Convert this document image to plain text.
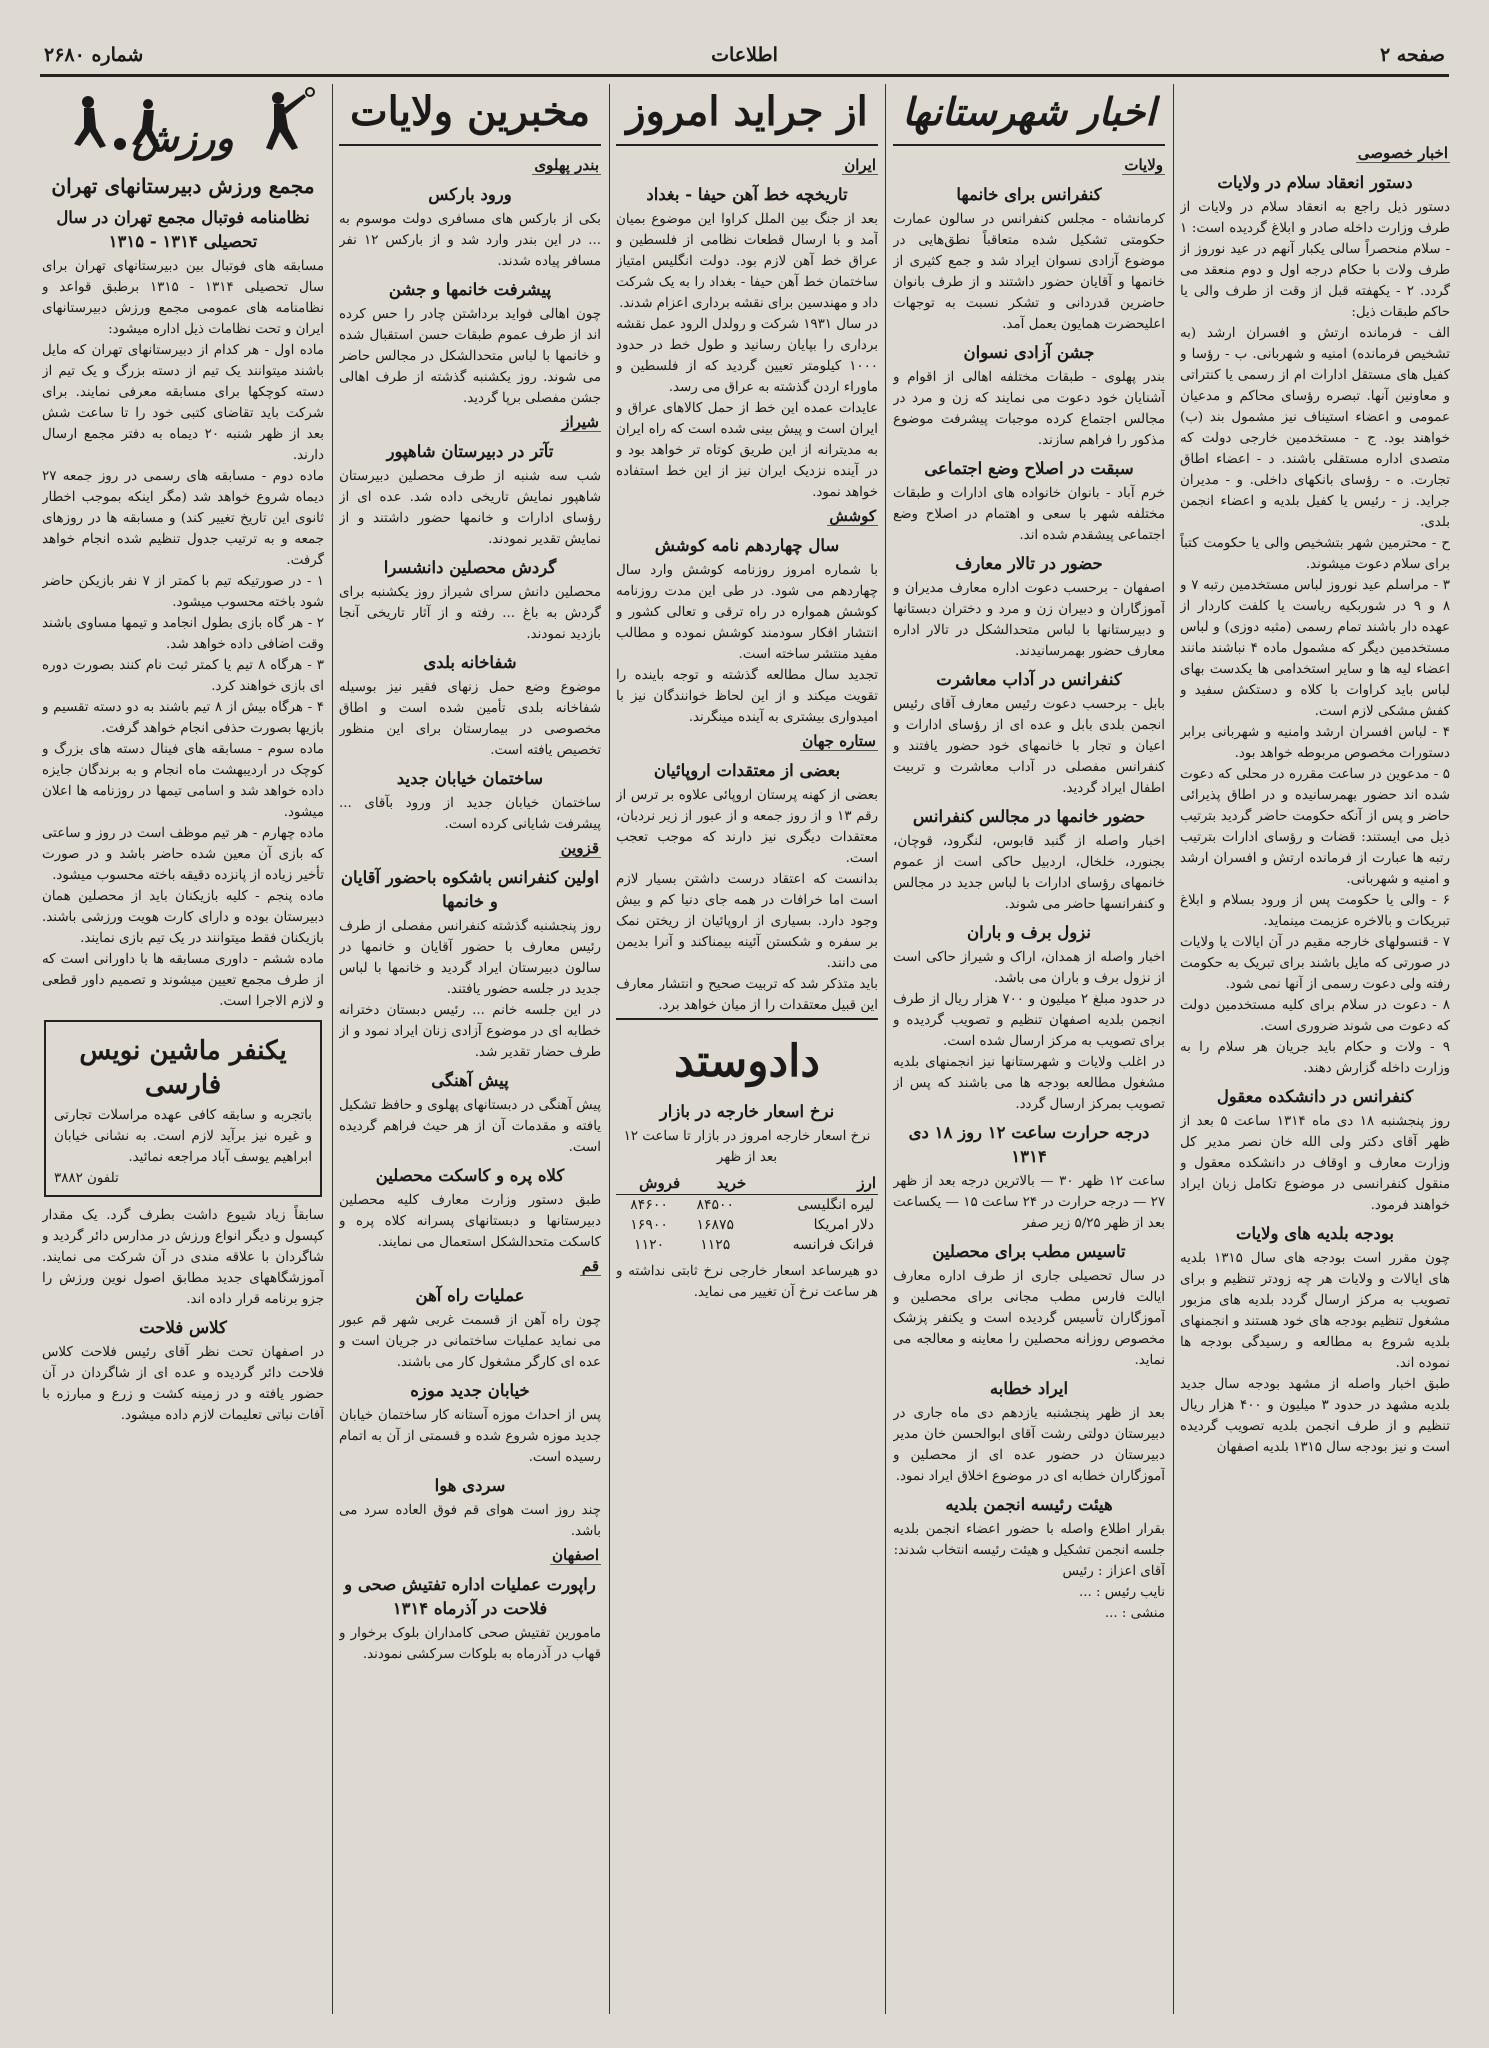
شماره ۲۶۸۰	اطلاعات	صفحه ۲
اخبار خصوصی
دستور انعقاد سلام در ولایات

دستور ذیل راجع به انعقاد سلام در ولایات از طرف وزارت داخله صادر و ابلاغ گردیده است: ۱ - سلام منحصراً سالی یکبار آنهم در عید نوروز از طرف ولات با حکام درجه اول و دوم منعقد می گردد. ۲ - یکهفته قبل از وقت از طرف والی یا حاکم طبقات ذیل:

الف - فرمانده ارتش و افسران ارشد (به تشخیص فرمانده) امنیه و شهربانی. ب - رؤسا و کفیل های مستقل ادارات ام از رسمی یا کنتراتی و معاونین آنها. تبصره رؤسای محاکم و مدعیان عمومی و اعضاء استیناف نیز مشمول بند (ب) خواهند بود. ج - مستخدمین خارجی دولت که متصدی اداره مستقلی باشند. د - اعضاء اطاق تجارت. ه - رؤسای بانکهای داخلی. و - مدیران جراید. ز - رئیس یا کفیل بلدیه و اعضاء انجمن بلدی.

ح - محترمین شهر بتشخیص والی یا حکومت کتباً برای سلام دعوت میشوند.

۳ - مراسلم عید نوروز لباس مستخدمین رتبه ۷ و ۸ و ۹ در شوربکیه ریاست یا کلفت کاردار از عهده دار باشند تمام رسمی (مثبه دوزی) و لباس مستخدمین دیگر که مشمول ماده ۴ نباشند مانند اعضاء لیه ها و سایر استخدامی ها یکدست بهای لباس باید کراوات با کلاه و دستکش سفید و کفش مشکی لازم است.

۴ - لباس افسران ارشد وامنیه و شهربانی برابر دستورات مخصوص مربوطه خواهد بود.

۵ - مدعوین در ساعت مقرره در محلی که دعوت شده اند حضور بهمرسانیده و در اطاق پذیرائی حاضر و پس از آنکه حکومت حاضر گردید بترتیب ذیل می ایستند: قضات و رؤسای ادارات بترتیب رتبه ها عبارت از فرمانده ارتش و افسران ارشد و امنیه و شهربانی.

۶ - والی یا حکومت پس از ورود بسلام و ابلاغ تبریکات و بالاخره عزیمت مینماید.

۷ - قنسولهای خارجه مقیم در آن ایالات یا ولایات در صورتی که مایل باشند برای تبریک به حکومت رفته ولی دعوت رسمی از آنها نمی شود.

۸ - دعوت در سلام برای کلیه مستخدمین دولت که دعوت می شوند ضروری است.

۹ - ولات و حکام باید جریان هر سلام را به وزارت داخله گزارش دهند.

کنفرانس در دانشکده معقول

روز پنجشنبه ۱۸ دی ماه ۱۳۱۴ ساعت ۵ بعد از ظهر آقای دکتر ولی الله خان نصر مدیر کل وزارت معارف و اوقاف در دانشکده معقول و منقول کنفرانسی در موضوع تکامل زبان ایراد خواهند فرمود.

بودجه بلدیه های ولایات

چون مقرر است بودجه های سال ۱۳۱۵ بلدیه های ایالات و ولایات هر چه زودتر تنظیم و برای تصویب به مرکز ارسال گردد بلدیه های مزبور مشغول تنظیم بودجه های خود هستند و انجمنهای بلدیه شروع به مطالعه و رسیدگی بودجه ها نموده اند.

طبق اخبار واصله از مشهد بودجه سال جدید بلدیه مشهد در حدود ۳ میلیون و ۴۰۰ هزار ریال تنظیم و از طرف انجمن بلدیه تصویب گردیده است و نیز بودجه سال ۱۳۱۵ بلدیه اصفهان

اخبار شهرستانها
ولایات
کنفرانس برای خانمها

کرمانشاه - مجلس کنفرانس در سالون عمارت حکومتی تشکیل شده متعاقباً نطق‌هایی در موضوع آزادی نسوان ایراد شد و جمع کثیری از خانمها و آقایان حضور داشتند و از طرف بانوان حاضرین قدردانی و تشکر نسبت به توجهات اعلیحضرت همایون بعمل آمد.

جشن آزادی نسوان

بندر پهلوی - طبقات مختلفه اهالی از اقوام و آشنایان خود دعوت می نمایند که زن و مرد در مجالس اجتماع کرده موجبات پیشرفت موضوع مذکور را فراهم سازند.

سبقت در اصلاح وضع اجتماعی

خرم آباد - بانوان خانواده های ادارات و طبقات مختلفه شهر با سعی و اهتمام در اصلاح وضع اجتماعی پیشقدم شده اند.

حضور در تالار معارف

اصفهان - برحسب دعوت اداره معارف مدیران و آموزگاران و دبیران زن و مرد و دختران دبستانها و دبیرستانها با لباس متحدالشکل در تالار اداره معارف حضور بهمرسانیدند.

کنفرانس در آداب معاشرت

بابل - برحسب دعوت رئیس معارف آقای رئیس انجمن بلدی بابل و عده ای از رؤسای ادارات و اعیان و تجار با خانمهای خود حضور یافتند و کنفرانس مفصلی در آداب معاشرت و تربیت اطفال ایراد گردید.

حضور خانمها در مجالس کنفرانس

اخبار واصله از گنبد قابوس، لنگرود، قوچان، بجنورد، خلخال، اردبیل حاکی است از عموم خانمهای رؤسای ادارات با لباس جدید در مجالس و کنفرانسها حاضر می شوند.

نزول برف و باران

اخبار واصله از همدان، اراک و شیراز حاکی است از نزول برف و باران می باشد.

در حدود مبلغ ۲ میلیون و ۷۰۰ هزار ریال از طرف انجمن بلدیه اصفهان تنظیم و تصویب گردیده و برای تصویب به مرکز ارسال شده است.

در اغلب ولایات و شهرستانها نیز انجمنهای بلدیه مشغول مطالعه بودجه ها می باشند که پس از تصویب بمرکز ارسال گردد.

درجه حرارت ساعت ۱۲ روز ۱۸ دی ۱۳۱۴

ساعت ۱۲ ظهر ۳۰ — بالاترین درجه بعد از ظهر ۲۷ — درجه حرارت در ۲۴ ساعت ۱۵ — یکساعت بعد از ظهر ۵/۲۵ زیر صفر

تاسیس مطب برای محصلین

در سال تحصیلی جاری از طرف اداره معارف ایالت فارس مطب مجانی برای محصلین و آموزگاران تأسیس گردیده است و یکنفر پزشک مخصوص روزانه محصلین را معاینه و معالجه می نماید.

ایراد خطابه

بعد از ظهر پنجشنبه یازدهم دی ماه جاری در دبیرستان دولتی رشت آقای ابوالحسن خان مدیر دبیرستان در حضور عده ای از محصلین و آموزگاران خطابه ای در موضوع اخلاق ایراد نمود.

هیئت رئیسه انجمن بلدیه

بقرار اطلاع واصله با حضور اعضاء انجمن بلدیه جلسه انجمن تشکیل و هیئت رئیسه انتخاب شدند:

آقای اعزاز : رئیس
نایب رئیس : ...
منشی : ...
از جراید امروز
ایران
تاریخچه خط آهن حیفا - بغداد

بعد از جنگ بین الملل کراوا این موضوع بمیان آمد و با ارسال قطعات نظامی از فلسطین و عراق خط آهن لازم بود. دولت انگلیس امتیاز ساختمان خط آهن حیفا - بغداد را به یک شرکت داد و مهندسین برای نقشه برداری اعزام شدند.

در سال ۱۹۳۱ شرکت و رولدل الرود عمل نقشه برداری را بپایان رسانید و طول خط در حدود ۱۰۰۰ کیلومتر تعیین گردید که از فلسطین و ماوراء اردن گذشته به عراق می رسد.

عایدات عمده این خط از حمل کالاهای عراق و ایران است و پیش بینی شده است که راه ایران به مدیترانه از این طریق کوتاه تر خواهد بود و در آینده نزدیک ایران نیز از این خط استفاده خواهد نمود.

کوشش
سال چهاردهم نامه کوشش

با شماره امروز روزنامه کوشش وارد سال چهاردهم می شود. در طی این مدت روزنامه کوشش همواره در راه ترقی و تعالی کشور و انتشار افکار سودمند کوشش نموده و مطالب مفید منتشر ساخته است.

تجدید سال مطالعه گذشته و توجه باینده را تقویت میکند و از این لحاظ خوانندگان نیز با امیدواری بیشتری به آینده مینگرند.

ستاره جهان
بعضی از معتقدات اروپائیان

بعضی از کهنه پرستان اروپائی علاوه بر ترس از رقم ۱۳ و از روز جمعه و از عبور از زیر نردبان، معتقدات دیگری نیز دارند که موجب تعجب است.

بدانست که اعتقاد درست داشتن بسیار لازم است اما خرافات در همه جای دنیا کم و بیش وجود دارد. بسیاری از اروپائیان از ریختن نمک بر سفره و شکستن آئینه بیمناکند و آنرا بدیمن می دانند.

باید متذکر شد که تربیت صحیح و انتشار معارف این قبیل معتقدات را از میان خواهد برد.

دادوستد
نرخ اسعار خارجه در بازار

نرخ اسعار خارجه امروز در بازار تا ساعت ۱۲ بعد از ظهر

ارز	خرید	فروش
لیره انگلیسی	۸۴۵۰۰	۸۴۶۰۰
دلار امریکا	۱۶۸۷۵	۱۶۹۰۰
فرانک فرانسه	۱۱۲۵	۱۱۲۰

دو هیرساعد اسعار خارجی نرخ ثابتی نداشته و هر ساعت نرخ آن تغییر می نماید.

مخبرین ولایات
بندر پهلوی
ورود بارکس

بکی از بارکس های مسافری دولت موسوم به ... در این بندر وارد شد و از بارکس ۱۲ نفر مسافر پیاده شدند.

پیشرفت خانمها و جشن

چون اهالی فواید برداشتن چادر را حس کرده اند از طرف عموم طبقات حسن استقبال شده و خانمها با لباس متحدالشکل در مجالس حاضر می شوند. روز یکشنبه گذشته از طرف اهالی جشن مفصلی برپا گردید.

شیراز
تآتر در دبیرستان شاهپور

شب سه شنبه از طرف محصلین دبیرستان شاهپور نمایش تاریخی داده شد. عده ای از رؤسای ادارات و خانمها حضور داشتند و از نمایش تقدیر نمودند.

گردش محصلین دانشسرا

محصلین دانش سرای شیراز روز یکشنبه برای گردش به باغ ... رفته و از آثار تاریخی آنجا بازدید نمودند.

شفاخانه بلدی

موضوع وضع حمل زنهای فقیر نیز بوسیله شفاخانه بلدی تأمین شده است و اطاق مخصوصی در بیمارستان برای این منظور تخصیص یافته است.

ساختمان خیابان جدید

ساختمان خیابان جدید از ورود بآقای ... پیشرفت شایانی کرده است.

قزوین
اولین کنفرانس باشکوه باحضور آقایان و خانمها

روز پنجشنبه گذشته کنفرانس مفصلی از طرف رئیس معارف با حضور آقایان و خانمها در سالون دبیرستان ایراد گردید و خانمها با لباس جدید در جلسه حضور یافتند.

در این جلسه خانم ... رئیس دبستان دخترانه خطابه ای در موضوع آزادی زنان ایراد نمود و از طرف حضار تقدیر شد.

پیش آهنگی

پیش آهنگی در دبستانهای پهلوی و حافظ تشکیل یافته و مقدمات آن از هر حیث فراهم گردیده است.

کلاه پره و کاسکت محصلین

طبق دستور وزارت معارف کلیه محصلین دبیرستانها و دبستانهای پسرانه کلاه پره و کاسکت متحدالشکل استعمال می نمایند.

قم
عملیات راه آهن

چون راه آهن از قسمت غربی شهر قم عبور می نماید عملیات ساختمانی در جریان است و عده ای کارگر مشغول کار می باشند.

خیابان جدید موزه

پس از احداث موزه آستانه کار ساختمان خیابان جدید موزه شروع شده و قسمتی از آن به اتمام رسیده است.

سردی هوا

چند روز است هوای قم فوق العاده سرد می باشد.

اصفهان
راپورت عملیات اداره تفتیش صحی و فلاحت در آذرماه ۱۳۱۴

مامورین تفتیش صحی کامداران بلوک برخوار و قهاب در آذرماه به بلوکات سرکشی نمودند.

ورزش
مجمع ورزش دبیرستانهای تهران
نظامنامه فوتبال مجمع تهران در سال تحصیلی ۱۳۱۴ - ۱۳۱۵

مسابقه های فوتبال بین دبیرستانهای تهران برای سال تحصیلی ۱۳۱۴ - ۱۳۱۵ برطبق قواعد و نظامنامه های عمومی مجمع ورزش دبیرستانهای ایران و تحت نظامات ذیل اداره میشود:

ماده اول - هر کدام از دبیرستانهای تهران که مایل باشند میتوانند یک تیم از دسته بزرگ و یک تیم از دسته کوچکها برای مسابقه معرفی نمایند. برای شرکت باید تقاضای کتبی خود را تا ساعت شش بعد از ظهر شنبه ۲۰ دیماه به دفتر مجمع ارسال دارند.

ماده دوم - مسابقه های رسمی در روز جمعه ۲۷ دیماه شروع خواهد شد (مگر اینکه بموجب اخطار ثانوی این تاریخ تغییر کند) و مسابقه ها در روزهای جمعه و به ترتیب جدول تنظیم شده انجام خواهد گرفت.

۱ - در صورتیکه تیم با کمتر از ۷ نفر بازیکن حاضر شود باخته محسوب میشود.
۲ - هر گاه بازی بطول انجامد و تیمها مساوی باشند وقت اضافی داده خواهد شد.
۳ - هرگاه ۸ تیم یا کمتر ثبت نام کنند بصورت دوره ای بازی خواهند کرد.
۴ - هرگاه بیش از ۸ تیم باشند به دو دسته تقسیم و بازیها بصورت حذفی انجام خواهد گرفت.

ماده سوم - مسابقه های فینال دسته های بزرگ و کوچک در اردیبهشت ماه انجام و به برندگان جایزه داده خواهد شد و اسامی تیمها در روزنامه ها اعلان میشود.

ماده چهارم - هر تیم موظف است در روز و ساعتی که بازی آن معین شده حاضر باشد و در صورت تأخیر زیاده از پانزده دقیقه باخته محسوب میشود.

ماده پنجم - کلیه بازیکنان باید از محصلین همان دبیرستان بوده و دارای کارت هویت ورزشی باشند. بازیکنان فقط میتوانند در یک تیم بازی نمایند.

ماده ششم - داوری مسابقه ها با داورانی است که از طرف مجمع تعیین میشوند و تصمیم داور قطعی و لازم الاجرا است.

یکنفر ماشین نویس فارسی

باتجربه و سابقه کافی عهده مراسلات تجارتی و غیره نیز برآید لازم است. به نشانی خیابان ابراهیم یوسف آباد مراجعه نمائید.

تلفون ۳۸۸۲

سابقاً زیاد شیوع داشت بطرف گرد. یک مقدار کپسول و دیگر انواع ورزش در مدارس دائر گردید و شاگردان با علاقه مندی در آن شرکت می نمایند. آموزشگاههای جدید مطابق اصول نوین ورزش را جزو برنامه قرار داده اند.

کلاس فلاحت

در اصفهان تحت نظر آقای رئیس فلاحت کلاس فلاحت دائر گردیده و عده ای از شاگردان در آن حضور یافته و در زمینه کشت و زرع و مبارزه با آفات نباتی تعلیمات لازم داده میشود.
